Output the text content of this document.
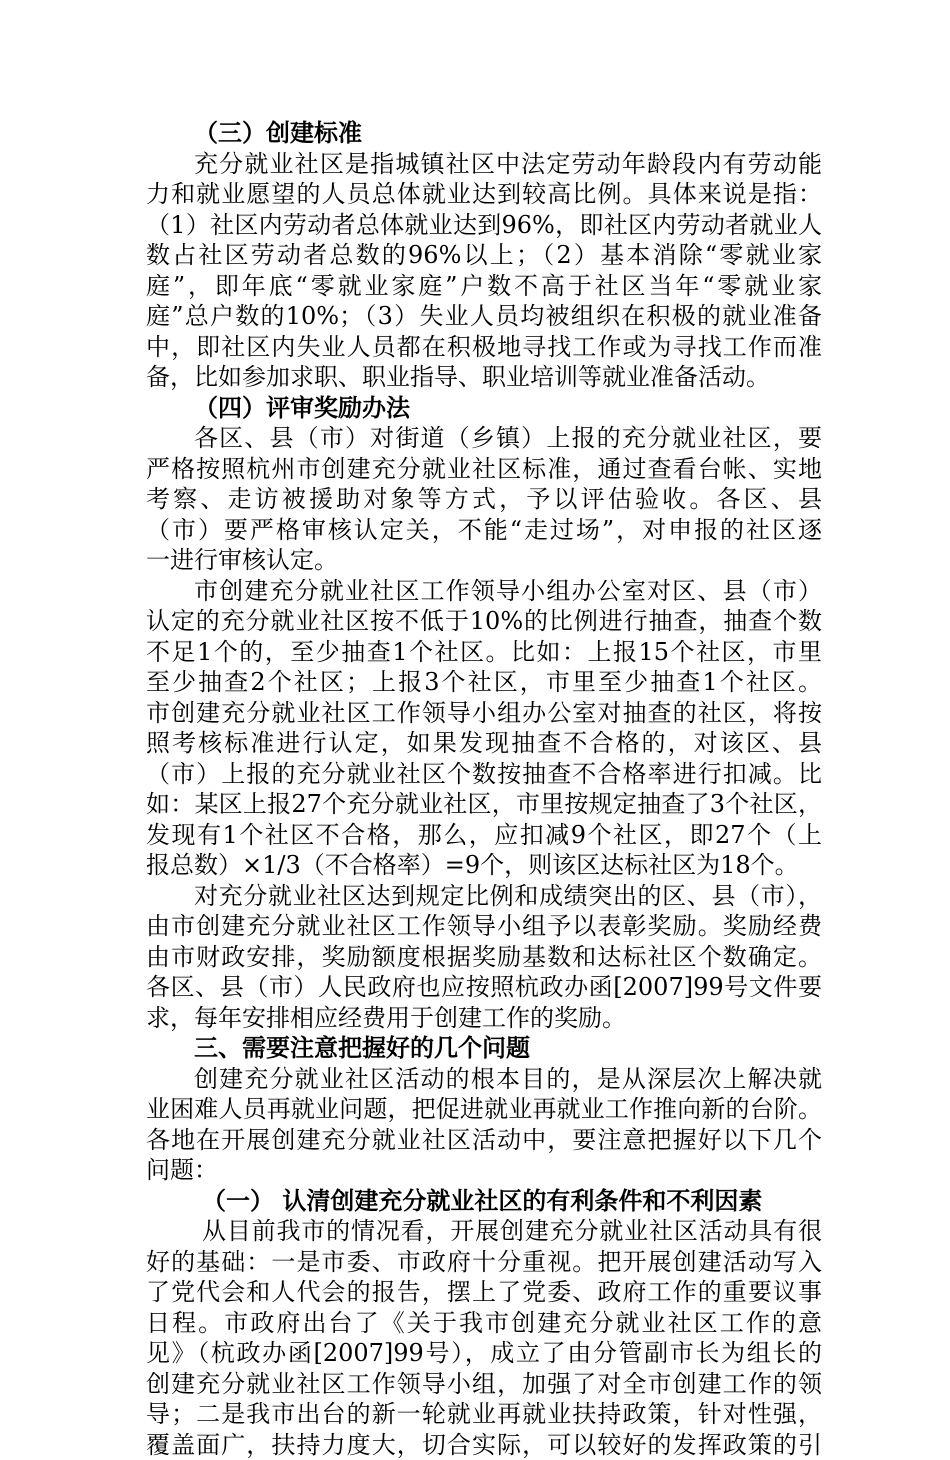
（三）创建标准
充分就业社区是指城镇社区中法定劳动年龄段内有劳动能
力和就业愿望的人员总体就业达到较高比例。具体来说是指：
（1）社区内劳动者总体就业达到96%，即社区内劳动者就业人
数占社区劳动者总数的96%以上；（2）基本消除“零就业家
庭”，即年底“零就业家庭”户数不高于社区当年“零就业家
庭”总户数的10%；（3）失业人员均被组织在积极的就业准备
中，即社区内失业人员都在积极地寻找工作或为寻找工作而准
备，比如参加求职、职业指导、职业培训等就业准备活动。
（四）评审奖励办法
各区、县（市）对街道（乡镇）上报的充分就业社区，要
严格按照杭州市创建充分就业社区标准，通过查看台帐、实地
考察、走访被援助对象等方式，予以评估验收。各区、县
（市）要严格审核认定关，不能“走过场”，对申报的社区逐
一进行审核认定。
市创建充分就业社区工作领导小组办公室对区、县（市）
认定的充分就业社区按不低于10%的比例进行抽查，抽查个数
不足1个的，至少抽查1个社区。比如：上报15个社区，市里
至少抽查2个社区；上报3个社区，市里至少抽查1个社区。
市创建充分就业社区工作领导小组办公室对抽查的社区，将按
照考核标准进行认定，如果发现抽查不合格的，对该区、县
（市）上报的充分就业社区个数按抽查不合格率进行扣减。比
如：某区上报27个充分就业社区，市里按规定抽查了3个社区，
发现有1个社区不合格，那么，应扣减9个社区，即27个（上
报总数）×1/3（不合格率）=9个，则该区达标社区为18个。
对充分就业社区达到规定比例和成绩突出的区、县（市），
由市创建充分就业社区工作领导小组予以表彰奖励。奖励经费
由市财政安排，奖励额度根据奖励基数和达标社区个数确定。
各区、县（市）人民政府也应按照杭政办函[2007]99号文件要
求，每年安排相应经费用于创建工作的奖励。
三、需要注意把握好的几个问题
创建充分就业社区活动的根本目的，是从深层次上解决就
业困难人员再就业问题，把促进就业再就业工作推向新的台阶。
各地在开展创建充分就业社区活动中，要注意把握好以下几个
问题：
（一） 认清创建充分就业社区的有利条件和不利因素
从目前我市的情况看，开展创建充分就业社区活动具有很
好的基础：一是市委、市政府十分重视。把开展创建活动写入
了党代会和人代会的报告，摆上了党委、政府工作的重要议事
日程。市政府出台了《关于我市创建充分就业社区工作的意
见》（杭政办函[2007]99号），成立了由分管副市长为组长的
创建充分就业社区工作领导小组，加强了对全市创建工作的领
导；二是我市出台的新一轮就业再就业扶持政策，针对性强，
覆盖面广，扶持力度大，切合实际，可以较好的发挥政策的引
